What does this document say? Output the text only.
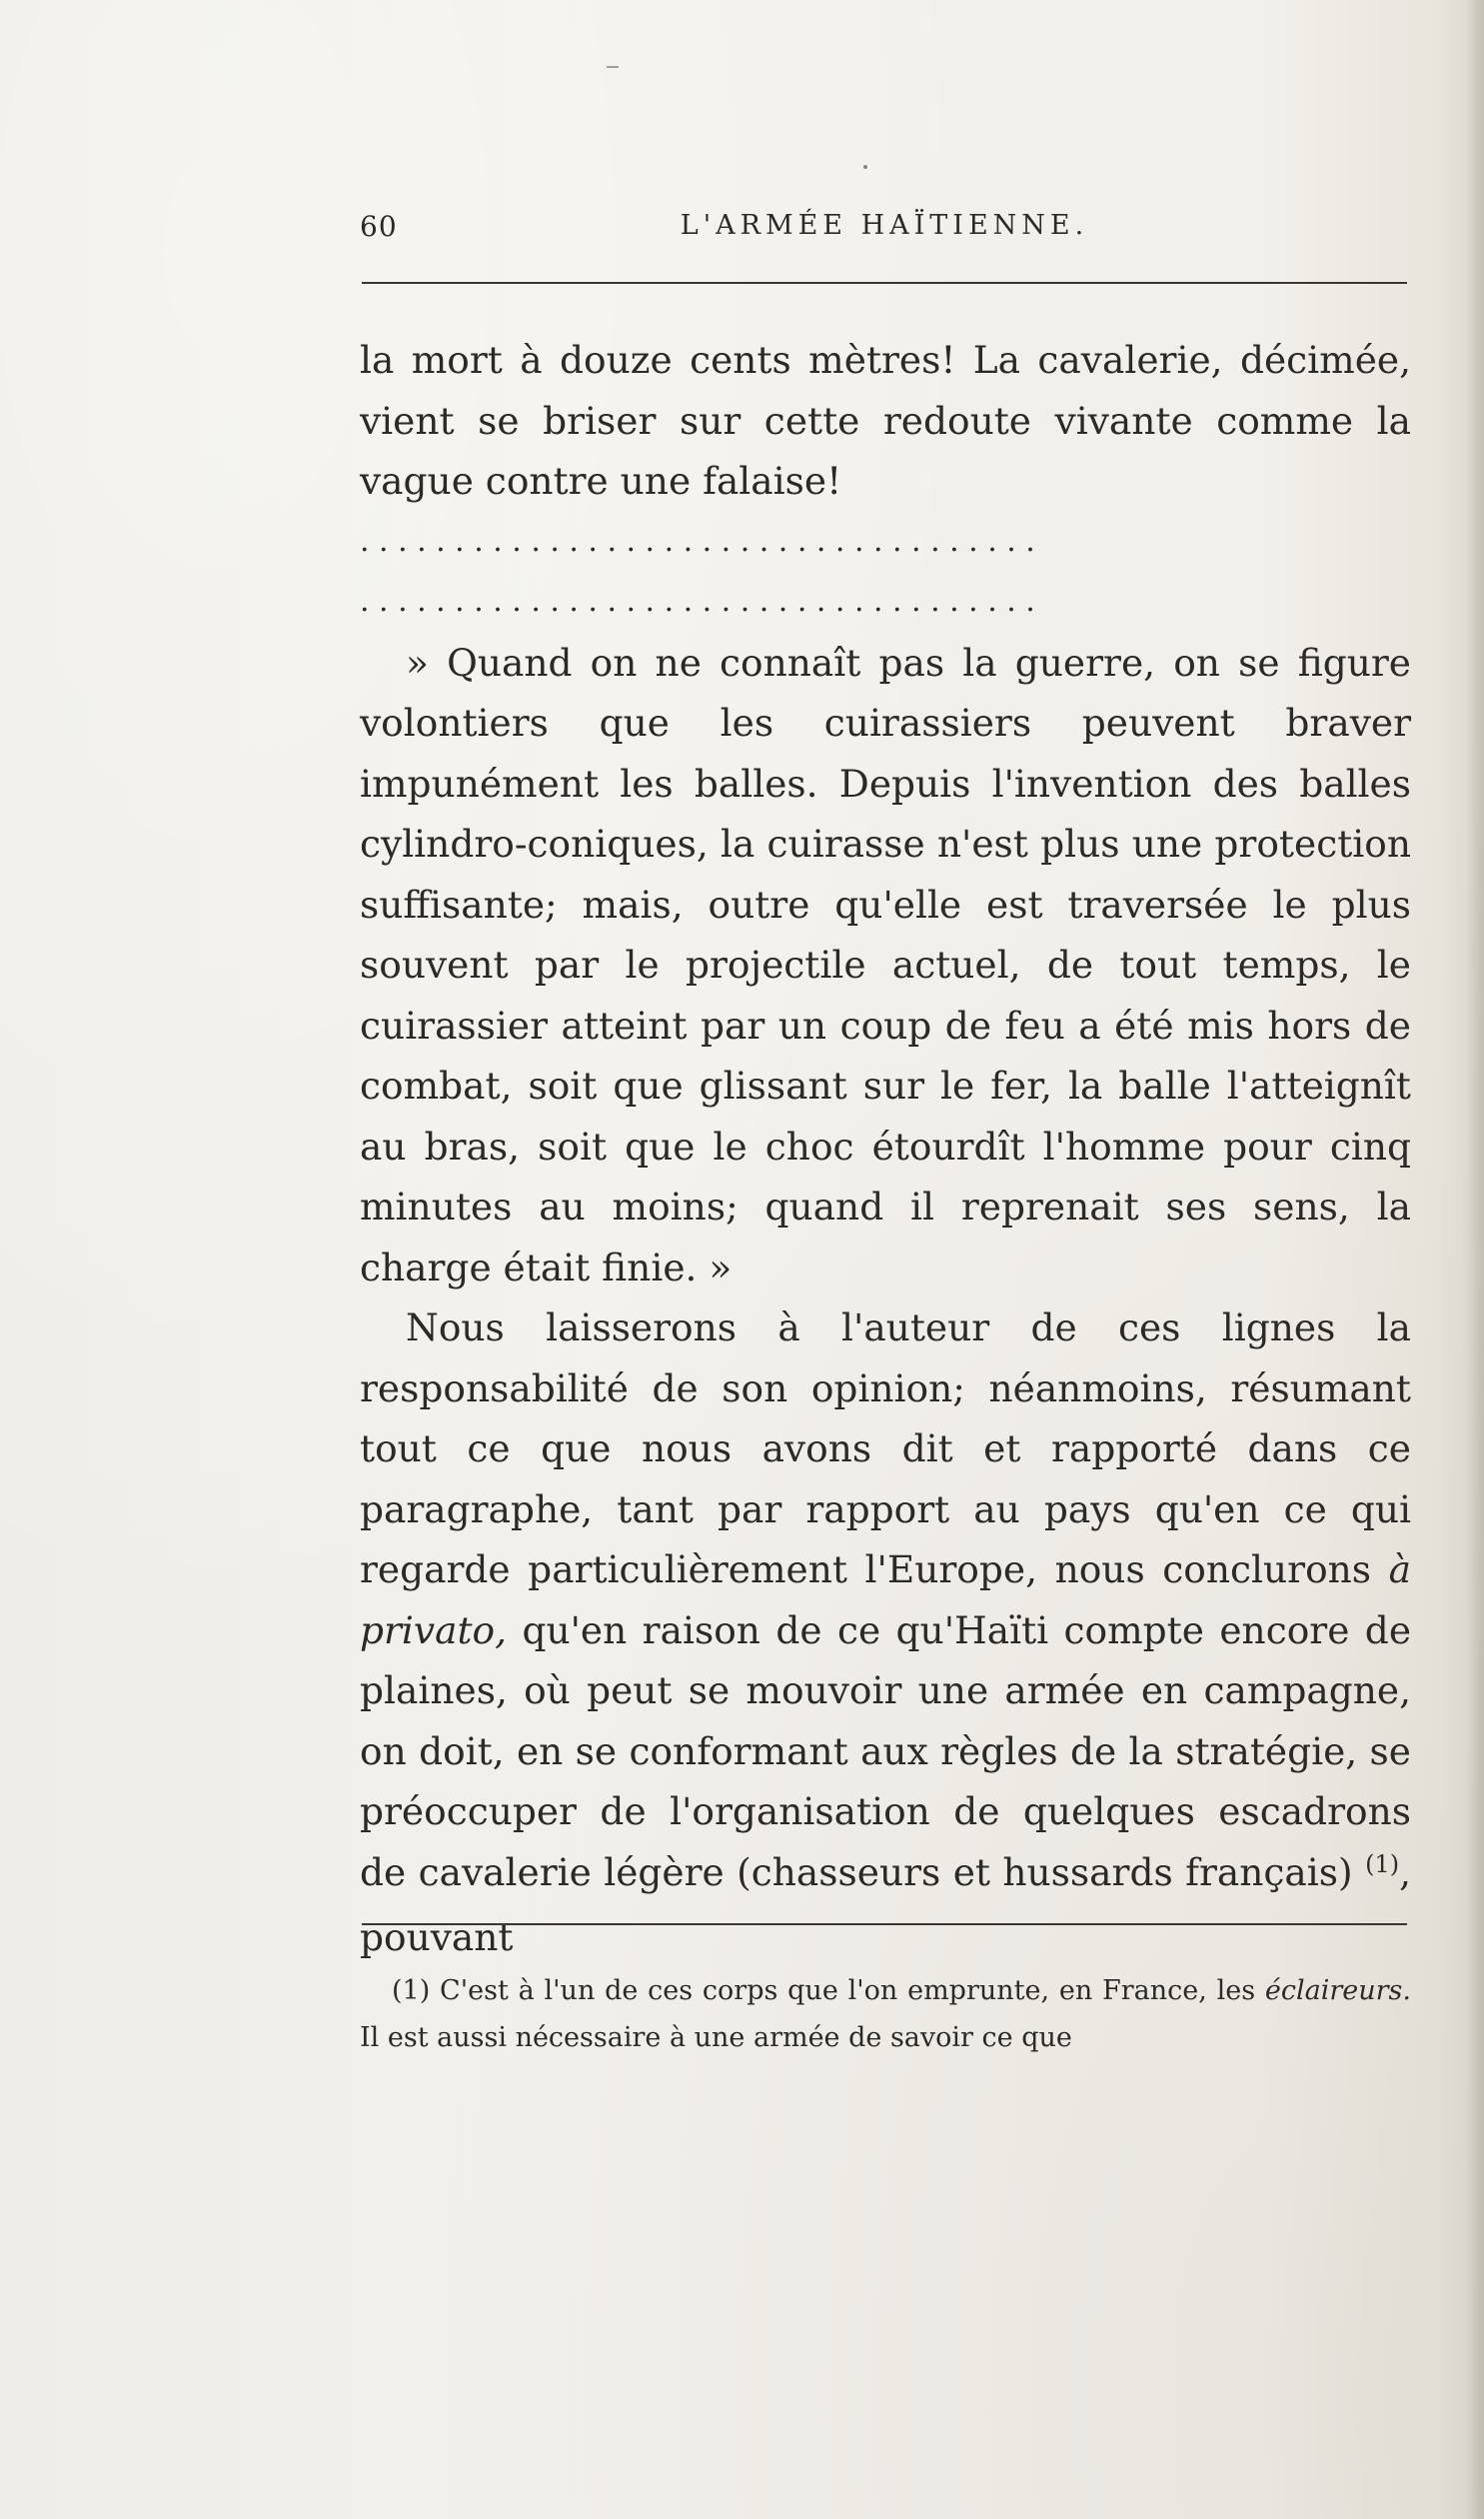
60	L'ARMÉE HAÏTIENNE.

la mort à douze cents mètres! La cavalerie, décimée, vient se briser sur cette redoute vivante comme la vague contre une falaise!

....................................

....................................

» Quand on ne connaît pas la guerre, on se figure volontiers que les cuirassiers peuvent braver impunément les balles. Depuis l'invention des balles cylindro-coniques, la cuirasse n'est plus une protection suffisante; mais, outre qu'elle est traversée le plus souvent par le projectile actuel, de tout temps, le cuirassier atteint par un coup de feu a été mis hors de combat, soit que glissant sur le fer, la balle l'atteignît au bras, soit que le choc étourdît l'homme pour cinq minutes au moins; quand il reprenait ses sens, la charge était finie. »

Nous laisserons à l'auteur de ces lignes la responsabilité de son opinion; néanmoins, résumant tout ce que nous avons dit et rapporté dans ce paragraphe, tant par rapport au pays qu'en ce qui regarde particulièrement l'Europe, nous conclurons à privato, qu'en raison de ce qu'Haïti compte encore de plaines, où peut se mouvoir une armée en campagne, on doit, en se conformant aux règles de la stratégie, se préoccuper de l'organisation de quelques escadrons de cavalerie légère (chasseurs et hussards français) $^{(1)}$, pouvant

(1) C'est à l'un de ces corps que l'on emprunte, en France, les éclaireurs. Il est aussi nécessaire à une armée de savoir ce que
